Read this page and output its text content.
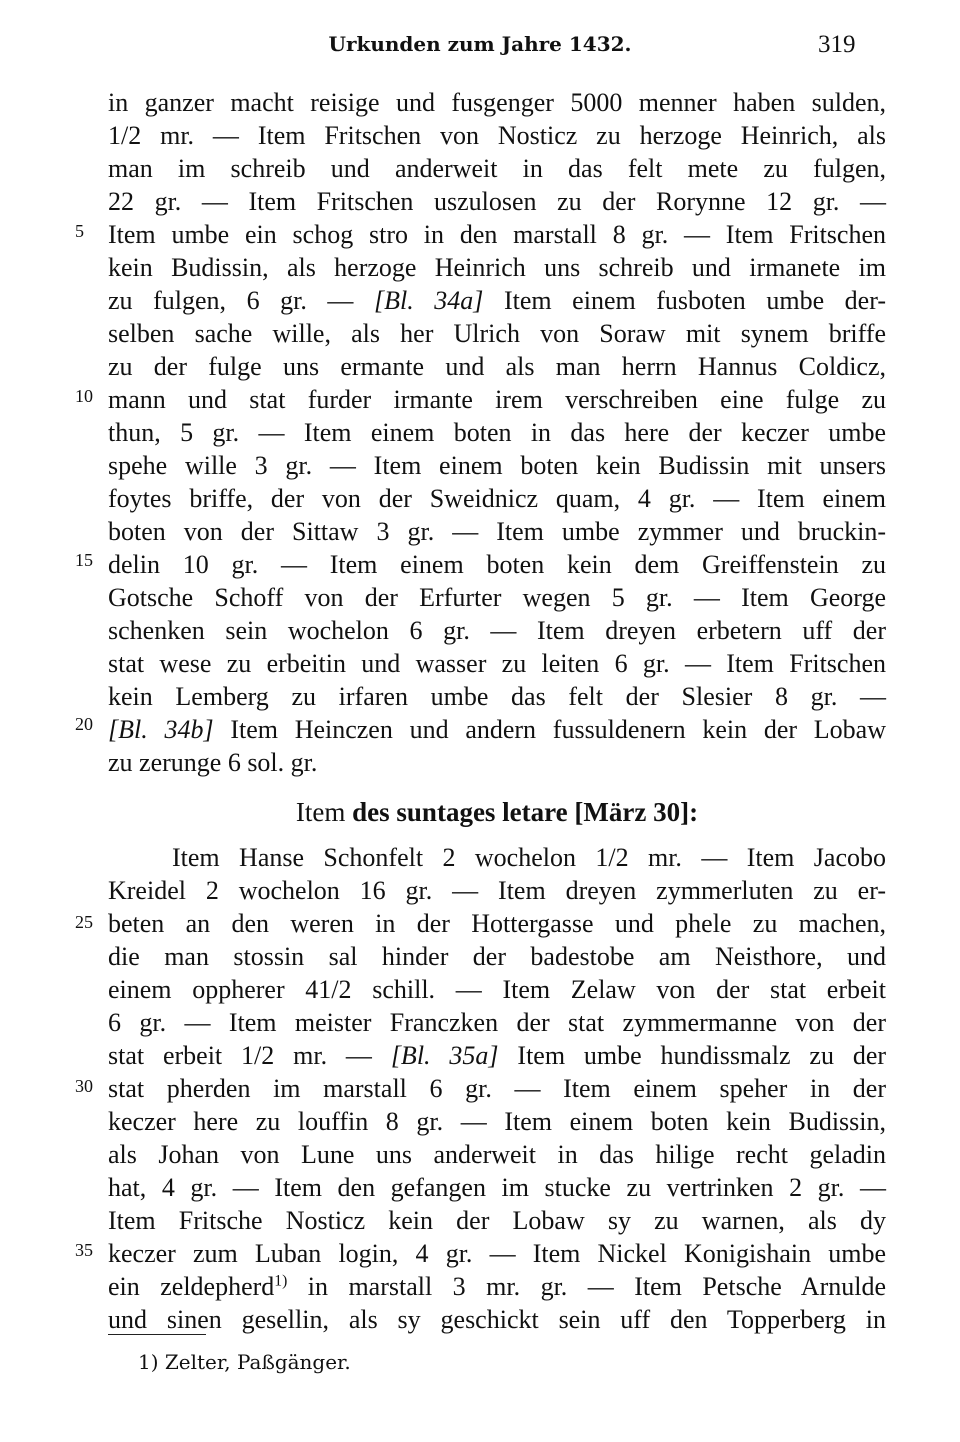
Urkunden zum Jahre 1432.	319
5
10
15
20
25
30
35
in ganzer macht reisige und fusgenger 5000 menner haben sulden,
1/2 mr. — Item Fritschen von Nosticz zu herzoge Heinrich, als
man im schreib und anderweit in das felt mete zu fulgen,
22 gr. — Item Fritschen uszulosen zu der Rorynne 12 gr. —
Item umbe ein schog stro in den marstall 8 gr. — Item Fritschen
kein Budissin, als herzoge Heinrich uns schreib und irmanete im
zu fulgen, 6 gr. — [Bl. 34a] Item einem fusboten umbe der-
selben sache wille, als her Ulrich von Soraw mit synem briffe
zu der fulge uns ermante und als man herrn Hannus Coldicz,
mann und stat furder irmante irem verschreiben eine fulge zu
thun, 5 gr. — Item einem boten in das here der keczer umbe
spehe wille 3 gr. — Item einem boten kein Budissin mit unsers
foytes briffe, der von der Sweidnicz quam, 4 gr. — Item einem
boten von der Sittaw 3 gr. — Item umbe zymmer und bruckin-
delin 10 gr. — Item einem boten kein dem Greiffenstein zu
Gotsche Schoff von der Erfurter wegen 5 gr. — Item George
schenken sein wochelon 6 gr. — Item dreyen erbetern uff der
stat wese zu erbeitin und wasser zu leiten 6 gr. — Item Fritschen
kein Lemberg zu irfaren umbe das felt der Slesier 8 gr. —
[Bl. 34b] Item Heinczen und andern fussuldenern kein der Lobaw
zu zerunge 6 sol. gr.
Item des suntages letare [März 30]:
Item Hanse Schonfelt 2 wochelon 1/2 mr. — Item Jacobo
Kreidel 2 wochelon 16 gr. — Item dreyen zymmerluten zu er-
beten an den weren in der Hottergasse und phele zu machen,
die man stossin sal hinder der badestobe am Neisthore, und
einem oppherer 41/2 schill. — Item Zelaw von der stat erbeit
6 gr. — Item meister Franczken der stat zymmermanne von der
stat erbeit 1/2 mr. — [Bl. 35a] Item umbe hundissmalz zu der
stat pherden im marstall 6 gr. — Item einem speher in der
keczer here zu louffin 8 gr. — Item einem boten kein Budissin,
als Johan von Lune uns anderweit in das hilige recht geladin
hat, 4 gr. — Item den gefangen im stucke zu vertrinken 2 gr. —
Item Fritsche Nosticz kein der Lobaw sy zu warnen, als dy
keczer zum Luban login, 4 gr. — Item Nickel Konigishain umbe
ein zeldepherd$^{1)}$ in marstall 3 mr. gr. — Item Petsche Arnulde
und sinen gesellin, als sy geschickt sein uff den Topperberg in
1) Zelter, Paßgänger.
